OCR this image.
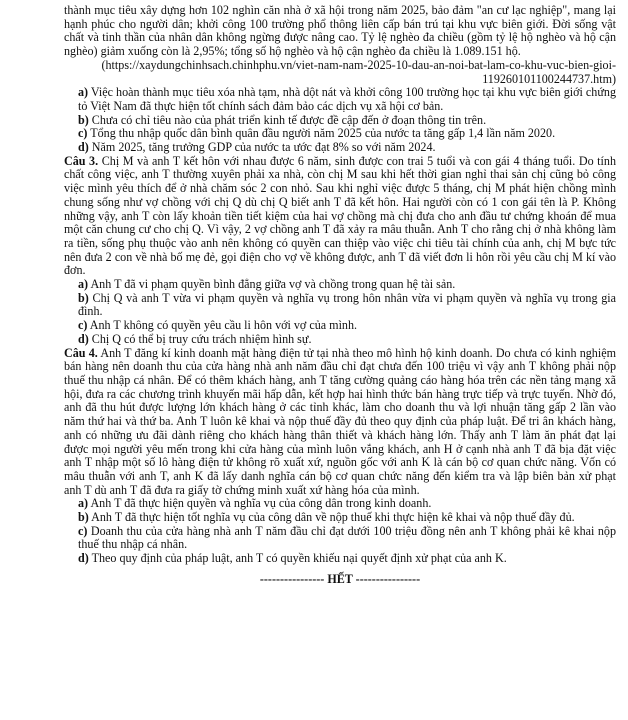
thành mục tiêu xây dựng hơn 102 nghìn căn nhà ở xã hội trong năm 2025, bảo đảm "an cư lạc nghiệp", mang lại hạnh phúc cho người dân; khởi công 100 trường phổ thông liên cấp bán trú tại khu vực biên giới. Đời sống vật chất và tinh thần của nhân dân không ngừng được nâng cao. Tỷ lệ nghèo đa chiều (gồm tỷ lệ hộ nghèo và hộ cận nghèo) giảm xuống còn là 2,95%; tổng số hộ nghèo và hộ cận nghèo đa chiều là 1.089.151 hộ.

(https://xaydungchinhsach.chinhphu.vn/viet-nam-nam-2025-10-dau-an-noi-bat-lam-co-khu-vuc-bien-gioi-119260101100244737.htm)

a) Việc hoàn thành mục tiêu xóa nhà tạm, nhà dột nát và khởi công 100 trường học tại khu vực biên giới chứng tỏ Việt Nam đã thực hiện tốt chính sách đảm bảo các dịch vụ xã hội cơ bản.

b) Chưa có chỉ tiêu nào của phát triển kinh tế được đề cập đến ở đoạn thông tin trên.

c) Tổng thu nhập quốc dân bình quân đầu người năm 2025 của nước ta tăng gấp 1,4 lần năm 2020.

d) Năm 2025, tăng trưởng GDP của nước ta ước đạt 8% so với năm 2024.

Câu 3. Chị M và anh T kết hôn với nhau được 6 năm, sinh được con trai 5 tuổi và con gái 4 tháng tuổi. Do tính chất công việc, anh T thường xuyên phải xa nhà, còn chị M sau khi hết thời gian nghỉ thai sản chị cũng bỏ công việc mình yêu thích để ở nhà chăm sóc 2 con nhỏ. Sau khi nghỉ việc được 5 tháng, chị M phát hiện chồng mình chung sống như vợ chồng với chị Q dù chị Q biết anh T đã kết hôn. Hai người còn có 1 con gái tên là P. Không những vậy, anh T còn lấy khoản tiền tiết kiệm của hai vợ chồng mà chị đưa cho anh đầu tư chứng khoán để mua một căn chung cư cho chị Q. Vì vậy, 2 vợ chồng anh T đã xảy ra mâu thuẫn. Anh T cho rằng chị ở nhà không làm ra tiền, sống phụ thuộc vào anh nên không có quyền can thiệp vào việc chi tiêu tài chính của anh, chị M bực tức nên đưa 2 con về nhà bố mẹ đẻ, gọi điện cho vợ về không được, anh T đã viết đơn li hôn rồi yêu cầu chị M kí vào đơn.

a) Anh T đã vi phạm quyền bình đẳng giữa vợ và chồng trong quan hệ tài sản.

b) Chị Q và anh T vừa vi phạm quyền và nghĩa vụ trong hôn nhân vừa vi phạm quyền và nghĩa vụ trong gia đình.

c) Anh T không có quyền yêu cầu li hôn với vợ của mình.

d) Chị Q có thể bị truy cứu trách nhiệm hình sự.

Câu 4. Anh T đăng kí kinh doanh mặt hàng điện tử tại nhà theo mô hình hộ kinh doanh. Do chưa có kinh nghiệm bán hàng nên doanh thu của cửa hàng nhà anh năm đầu chỉ đạt chưa đến 100 triệu vì vậy anh T không phải nộp thuế thu nhập cá nhân. Để có thêm khách hàng, anh T tăng cường quảng cáo hàng hóa trên các nền tảng mạng xã hội, đưa ra các chương trình khuyến mãi hấp dẫn, kết hợp hai hình thức bán hàng trực tiếp và trực tuyến. Nhờ đó, anh đã thu hút được lượng lớn khách hàng ở các tỉnh khác, làm cho doanh thu và lợi nhuận tăng gấp 2 lần vào năm thứ hai và thứ ba. Anh T luôn kê khai và nộp thuế đầy đủ theo quy định của pháp luật. Để tri ân khách hàng, anh có những ưu đãi dành riêng cho khách hàng thân thiết và khách hàng lớn. Thấy anh T làm ăn phát đạt lại được mọi người yêu mến trong khi cửa hàng của mình luôn vắng khách, anh H ở cạnh nhà anh T đã bịa đặt việc anh T nhập một số lô hàng điện tử không rõ xuất xứ, nguồn gốc với anh K là cán bộ cơ quan chức năng. Vốn có mâu thuẫn với anh T, anh K đã lấy danh nghĩa cán bộ cơ quan chức năng đến kiểm tra và lập biên bản xử phạt anh T dù anh T đã đưa ra giấy tờ chứng minh xuất xứ hàng hóa của mình.

a) Anh T đã thực hiện quyền và nghĩa vụ của công dân trong kinh doanh.

b) Anh T đã thực hiện tốt nghĩa vụ của công dân về nộp thuế khi thực hiện kê khai và nộp thuế đầy đủ.

c) Doanh thu của cửa hàng nhà anh T năm đầu chỉ đạt dưới 100 triệu đồng nên anh T không phải kê khai nộp thuế thu nhập cá nhân.

d) Theo quy định của pháp luật, anh T có quyền khiếu nại quyết định xử phạt của anh K.

---------------- HẾT ----------------
